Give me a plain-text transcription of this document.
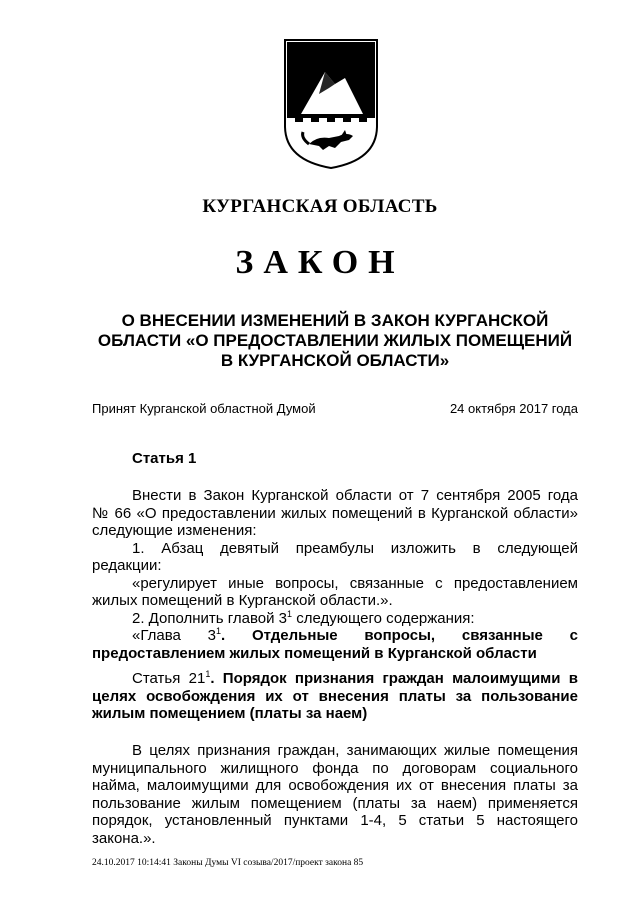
КУРГАНСКАЯ ОБЛАСТЬ
ЗАКОН
О ВНЕСЕНИИ ИЗМЕНЕНИЙ В ЗАКОН КУРГАНСКОЙ
ОБЛАСТИ «О ПРЕДОСТАВЛЕНИИ ЖИЛЫХ ПОМЕЩЕНИЙ
В КУРГАНСКОЙ ОБЛАСТИ»
Принят Курганской областной Думой	24 октября 2017 года
Статья 1
Внести в Закон Курганской области от 7 сентября 2005 года
№ 66 «О предоставлении жилых помещений в Курганской области»
следующие изменения:
1. Абзац девятый преамбулы изложить в следующей
редакции:
«регулирует иные вопросы, связанные с предоставлением
жилых помещений в Курганской области.».
2. Дополнить главой $3^1$ следующего содержания:
«Глава $3^1$. Отдельные вопросы, связанные с
предоставлением жилых помещений в Курганской области
Статья $21^1$. Порядок признания граждан малоимущими в
целях освобождения их от внесения платы за пользование
жилым помещением (платы за наем)
В целях признания граждан, занимающих жилые помещения
муниципального жилищного фонда по договорам социального
найма, малоимущими для освобождения их от внесения платы за
пользование жилым помещением (платы за наем) применяется
порядок, установленный пунктами 1-4, 5 статьи 5 настоящего
закона.».
24.10.2017 10:14:41 Законы Думы VI созыва/2017/проект закона 85
